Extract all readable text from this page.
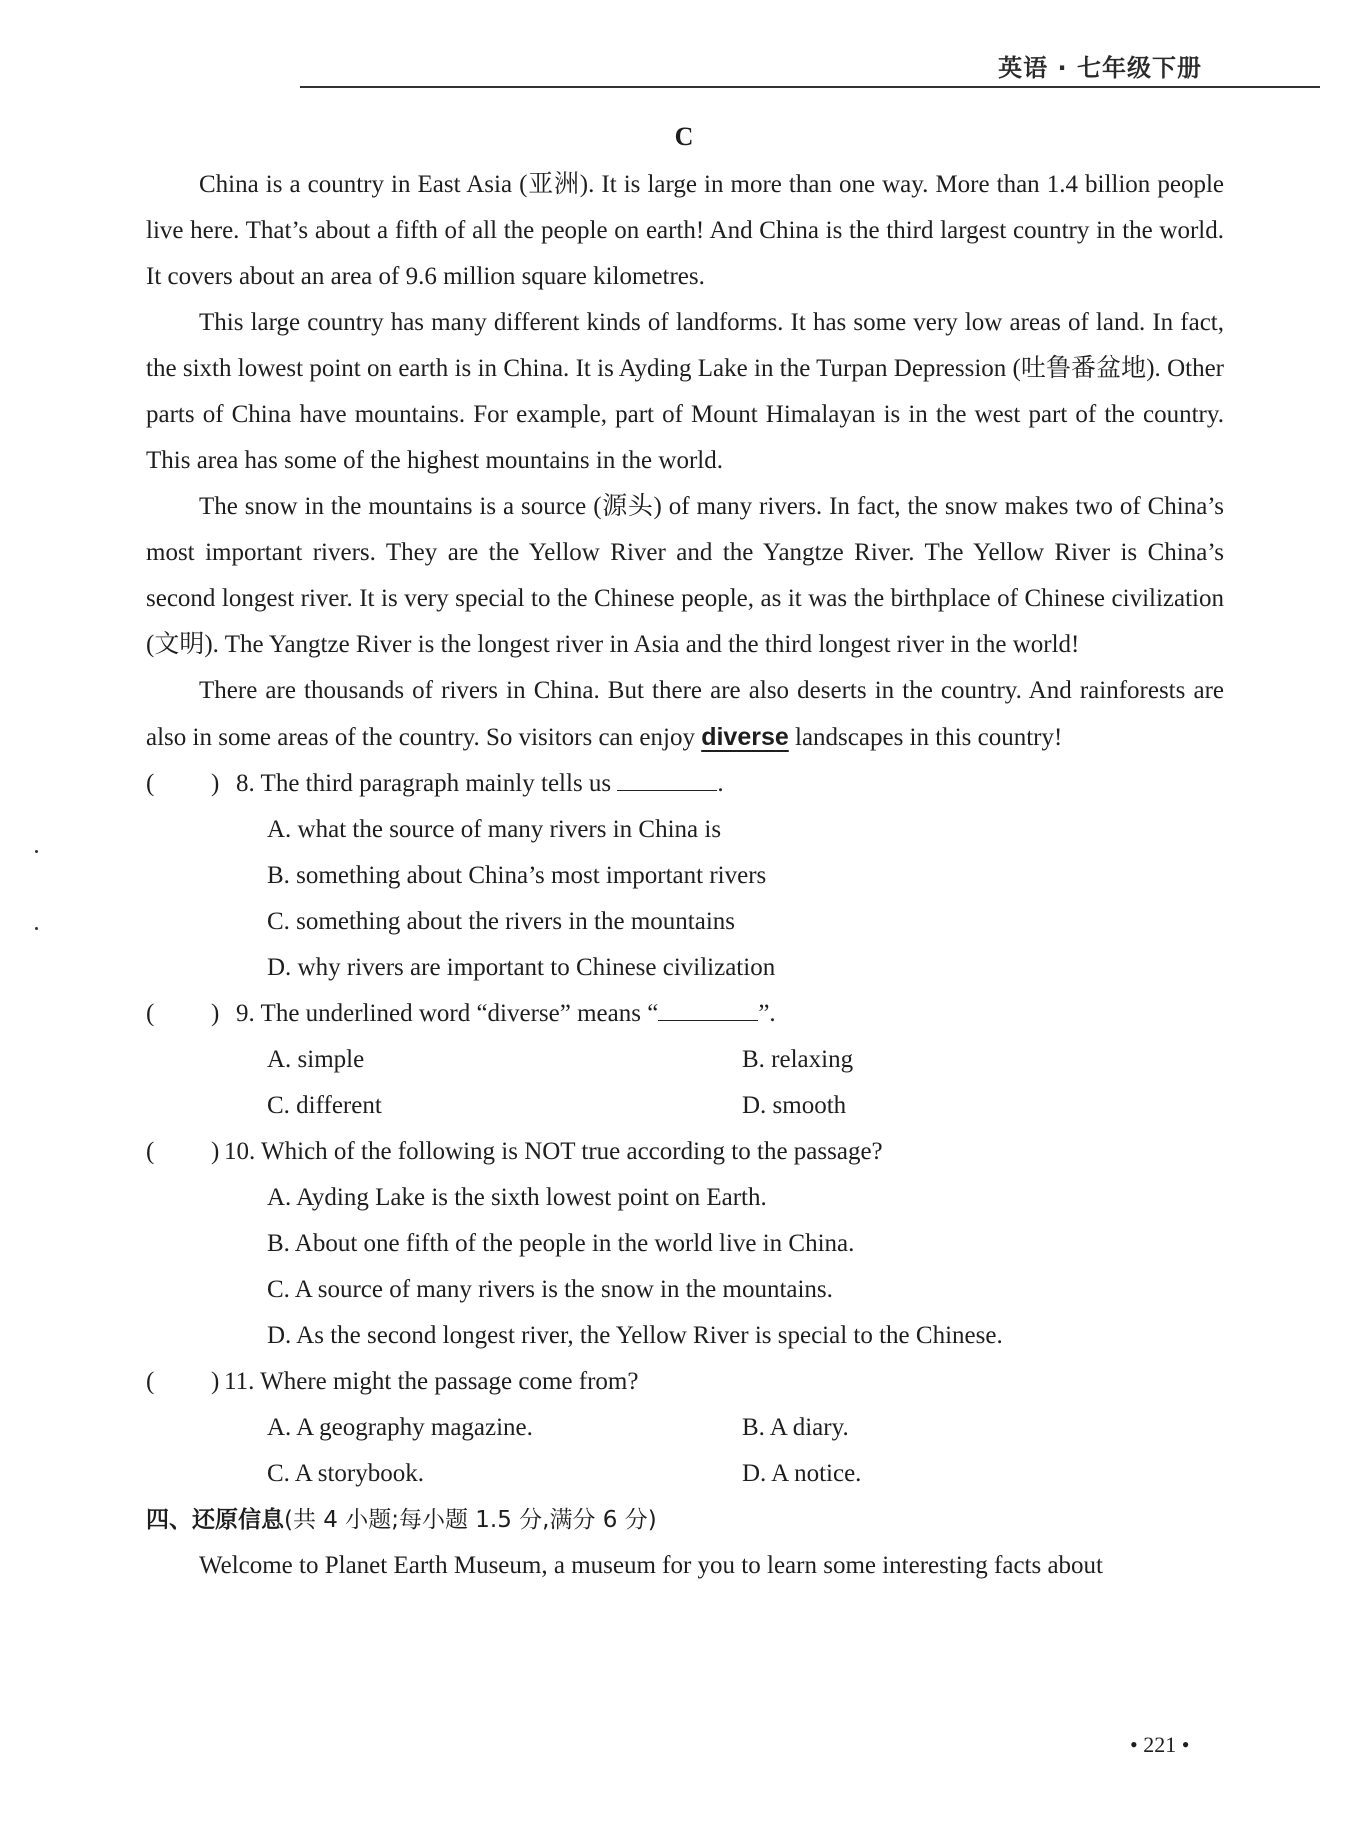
英语 · 七年级下册
C

China is a country in East Asia (亚洲). It is large in more than one way. More than 1.4 billion people live here. That’s about a fifth of all the people on earth! And China is the third largest country in the world. It covers about an area of 9.6 million square kilometres.

This large country has many different kinds of landforms. It has some very low areas of land. In fact, the sixth lowest point on earth is in China. It is Ayding Lake in the Turpan Depression (吐鲁番盆地). Other parts of China have mountains. For example, part of Mount Himalayan is in the west part of the country. This area has some of the highest mountains in the world.

The snow in the mountains is a source (源头) of many rivers. In fact, the snow makes two of China’s most important rivers. They are the Yellow River and the Yangtze River. The Yellow River is China’s second longest river. It is very special to the Chinese people, as it was the birthplace of Chinese civilization (文明). The Yangtze River is the longest river in Asia and the third longest river in the world!

There are thousands of rivers in China. But there are also deserts in the country. And rainforests are also in some areas of the country. So visitors can enjoy diverse landscapes in this country!

( ) 8. The third paragraph mainly tells us	.
A. what the source of many rivers in China is
B. something about China’s most important rivers
C. something about the rivers in the mountains
D. why rivers are important to Chinese civilization
( ) 9. The underlined word “diverse” means “	”.
A. simple	B. relaxing
C. different	D. smooth
( ) 10. Which of the following is NOT true according to the passage?
A. Ayding Lake is the sixth lowest point on Earth.
B. About one fifth of the people in the world live in China.
C. A source of many rivers is the snow in the mountains.
D. As the second longest river, the Yellow River is special to the Chinese.
( ) 11. Where might the passage come from?
A. A geography magazine.	B. A diary.
C. A storybook.	D. A notice.

四、还原信息(共 4 小题;每小题 1.5 分,满分 6 分)

Welcome to Planet Earth Museum, a museum for you to learn some interesting facts about

• 221 •
